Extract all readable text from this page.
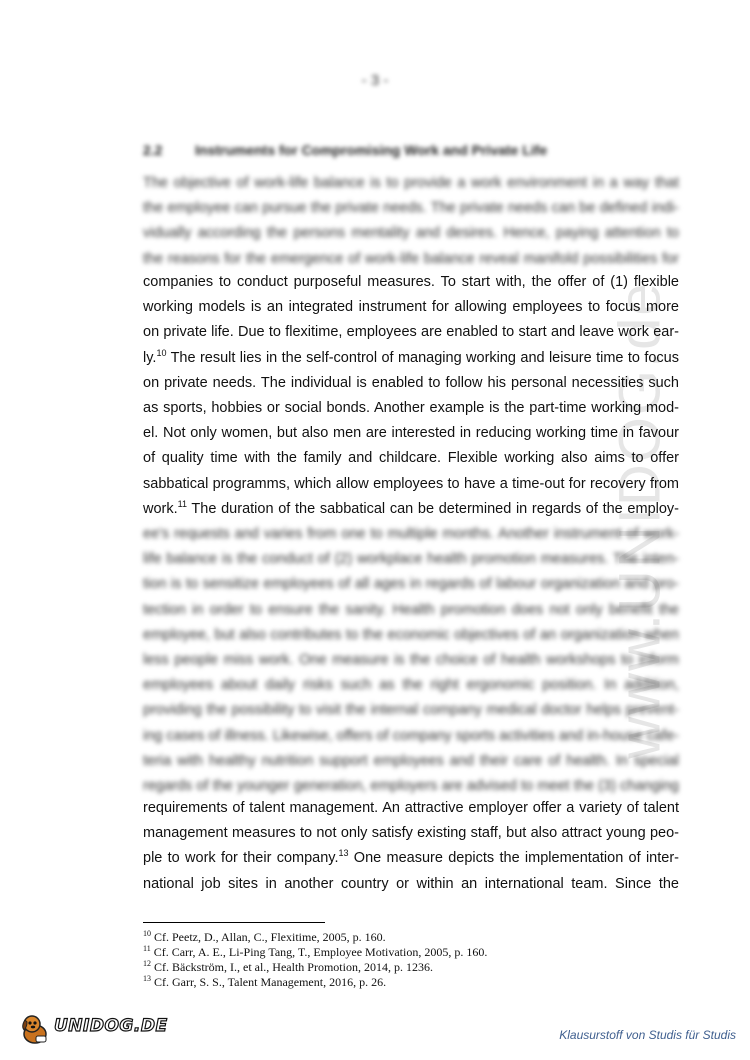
www.UNIDOG.de
- 3 -
2.2 Instruments for Compromising Work and Private Life
The objective of work-life balance is to provide a work environment in a way that
the employee can pursue the private needs. The private needs can be defined indi-
vidually according the persons mentality and desires. Hence, paying attention to
the reasons for the emergence of work-life balance reveal manifold possibilities for
companies to conduct purposeful measures. To start with, the offer of (1) flexible
working models is an integrated instrument for allowing employees to focus more
on private life. Due to flexitime, employees are enabled to start and leave work ear-
ly.$^{10}$ The result lies in the self-control of managing working and leisure time to focus
on private needs. The individual is enabled to follow his personal necessities such
as sports, hobbies or social bonds. Another example is the part-time working mod-
el. Not only women, but also men are interested in reducing working time in favour
of quality time with the family and childcare. Flexible working also aims to offer
sabbatical programms, which allow employees to have a time-out for recovery from
work.$^{11}$ The duration of the sabbatical can be determined in regards of the employ-
ee's requests and varies from one to multiple months. Another instrument of work-
life balance is the conduct of (2) workplace health promotion measures. The inten-
tion is to sensitize employees of all ages in regards of labour organization and pro-
tection in order to ensure the sanity. Health promotion does not only benefit the
employee, but also contributes to the economic objectives of an organization when
less people miss work. One measure is the choice of health workshops to inform
employees about daily risks such as the right ergonomic position. In addition,
providing the possibility to visit the internal company medical doctor helps prevent-
ing cases of illness. Likewise, offers of company sports activities and in-house cafe-
teria with healthy nutrition support employees and their care of health. In special
regards of the younger generation, employers are advised to meet the (3) changing
requirements of talent management. An attractive employer offer a variety of talent
management measures to not only satisfy existing staff, but also attract young peo-
ple to work for their company.$^{13}$ One measure depicts the implementation of inter-
national job sites in another country or within an international team. Since the
$^{10}$ Cf. Peetz, D., Allan, C., Flexitime, 2005, p. 160.
$^{11}$ Cf. Carr, A. E., Li-Ping Tang, T., Employee Motivation, 2005, p. 160.
$^{12}$ Cf. Bäckström, I., et al., Health Promotion, 2014, p. 1236.
$^{13}$ Cf. Garr, S. S., Talent Management, 2016, p. 26.
UNIDOG.DE	Klausurstoff von Studis für Studis
